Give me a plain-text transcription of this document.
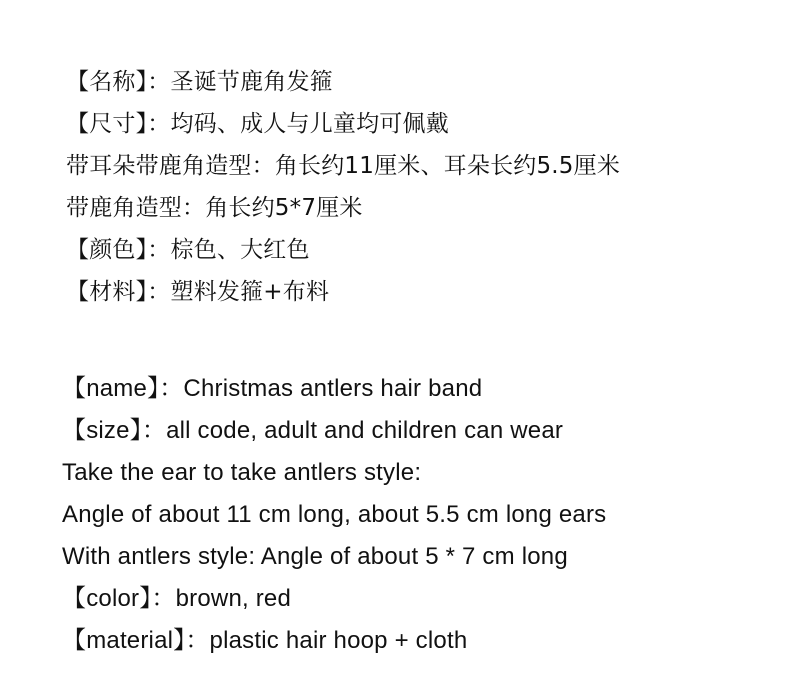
【名称】：圣诞节鹿角发箍

【尺寸】：均码、成人与儿童均可佩戴

带耳朵带鹿角造型：角长约11厘米、耳朵长约5.5厘米

带鹿角造型：角长约5*7厘米

【颜色】：棕色、大红色

【材料】：塑料发箍+布料

【name】：Christmas antlers hair band

【size】：all code, adult and children can wear

Take the ear to take antlers style:

Angle of about 11 cm long, about 5.5 cm long ears

With antlers style: Angle of about 5 * 7 cm long

【color】：brown, red

【material】：plastic hair hoop + cloth
